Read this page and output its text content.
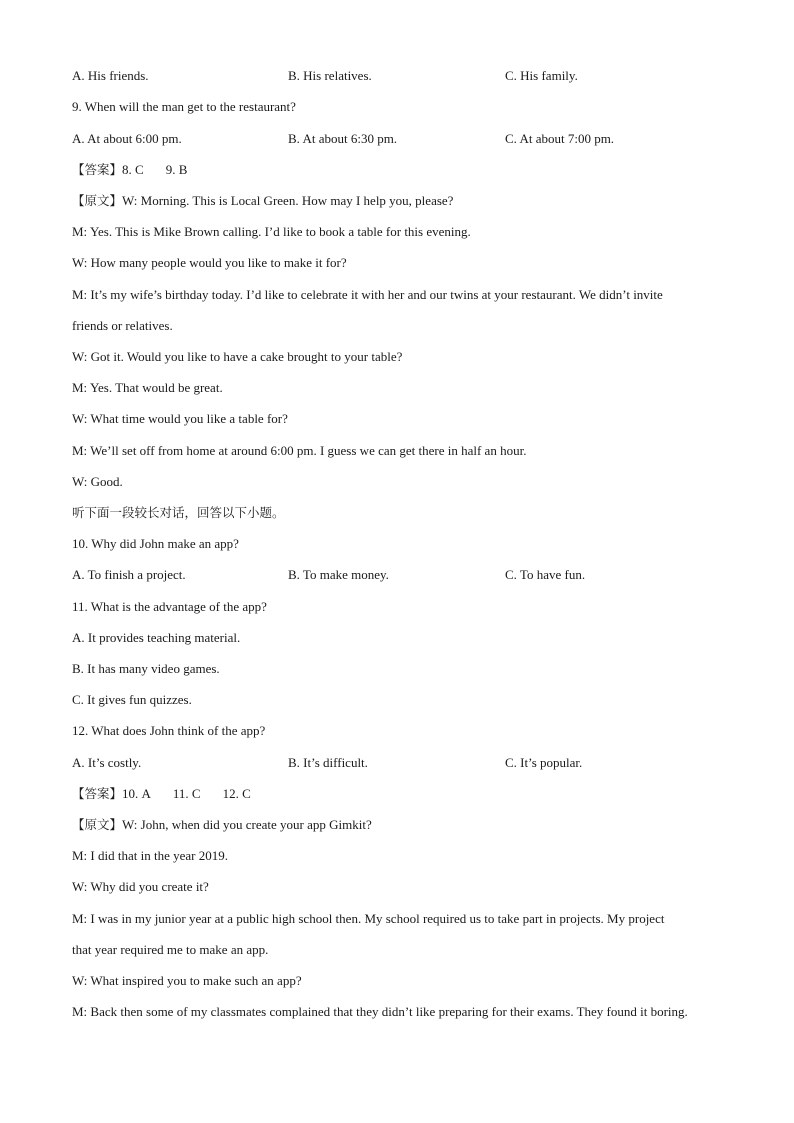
A. His friends.	B. His relatives.	C. His family.
9. When will the man get to the restaurant?
A. At about 6:00 pm.	B. At about 6:30 pm.	C. At about 7:00 pm.
【答案】8. C 9. B
【原文】W: Morning. This is Local Green. How may I help you, please?
M: Yes. This is Mike Brown calling. I’d like to book a table for this evening.
W: How many people would you like to make it for?
M: It’s my wife’s birthday today. I’d like to celebrate it with her and our twins at your restaurant. We didn’t invite
friends or relatives.
W: Got it. Would you like to have a cake brought to your table?
M: Yes. That would be great.
W: What time would you like a table for?
M: We’ll set off from home at around 6:00 pm. I guess we can get there in half an hour.
W: Good.
听下面一段较长对话，回答以下小题。
10. Why did John make an app?
A. To finish a project.	B. To make money.	C. To have fun.
11. What is the advantage of the app?
A. It provides teaching material.
B. It has many video games.
C. It gives fun quizzes.
12. What does John think of the app?
A. It’s costly.	B. It’s difficult.	C. It’s popular.
【答案】10. A 11. C 12. C
【原文】W: John, when did you create your app Gimkit?
M: I did that in the year 2019.
W: Why did you create it?
M: I was in my junior year at a public high school then. My school required us to take part in projects. My project
that year required me to make an app.
W: What inspired you to make such an app?
M: Back then some of my classmates complained that they didn’t like preparing for their exams. They found it boring.
